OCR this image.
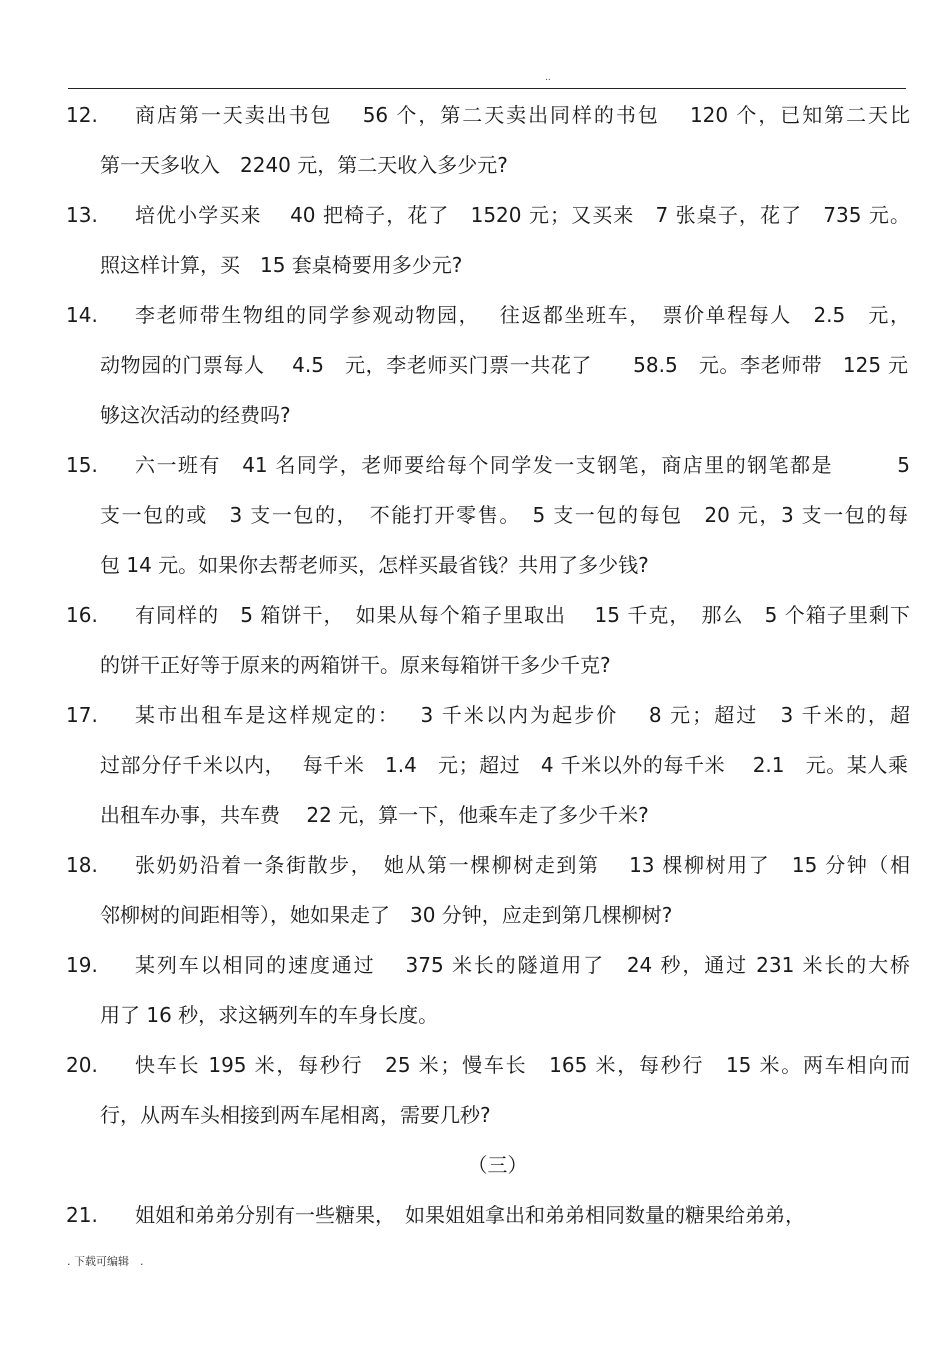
..
12. 商店第一天卖出书包　 56 个，第二天卖出同样的书包　 120 个，已知第二天比
第一天多收入　2240 元，第二天收入多少元?
13. 培优小学买来　 40 把椅子，花了　1520 元；又买来　7 张桌子，花了　735 元。
照这样计算，买　15 套桌椅要用多少元?
14. 李老师带生物组的同学参观动物园，　 往返都坐班车，　票价单程每人　2.5　元，
动物园的门票每人　 4.5　元，李老师买门票一共花了　　58.5　元。李老师带　125 元
够这次活动的经费吗?
15. 六一班有　41 名同学，老师要给每个同学发一支钢笔，商店里的钢笔都是　　　5
支一包的或　3 支一包的，　不能打开零售。　5 支一包的每包　20 元，3 支一包的每
包 14 元。如果你去帮老师买，怎样买最省钱？共用了多少钱?
16. 有同样的　5 箱饼干，　如果从每个箱子里取出　 15 千克，　那么　5 个箱子里剩下
的饼干正好等于原来的两箱饼干。原来每箱饼干多少千克?
17. 某市出租车是这样规定的：　 3 千米以内为起步价　 8 元；超过　3 千米的，超
过部分仔千米以内，　 每千米　1.4　元；超过　4 千米以外的每千米　 2.1　元。某人乘
出租车办事，共车费　 22 元，算一下，他乘车走了多少千米?
18. 张奶奶沿着一条街散步，　她从第一棵柳树走到第　 13 棵柳树用了　15 分钟（相
邻柳树的间距相等），她如果走了　30 分钟，应走到第几棵柳树?
19. 某列车以相同的速度通过　 375 米长的隧道用了　24 秒，通过 231 米长的大桥
用了 16 秒，求这辆列车的车身长度。
20. 快车长 195 米，每秒行　25 米；慢车长　165 米，每秒行　15 米。两车相向而
行，从两车头相接到两车尾相离，需要几秒?
（三）
21. 姐姐和弟弟分别有一些糖果，　如果姐姐拿出和弟弟相同数量的糖果给弟弟，
. 下载可编辑　.
